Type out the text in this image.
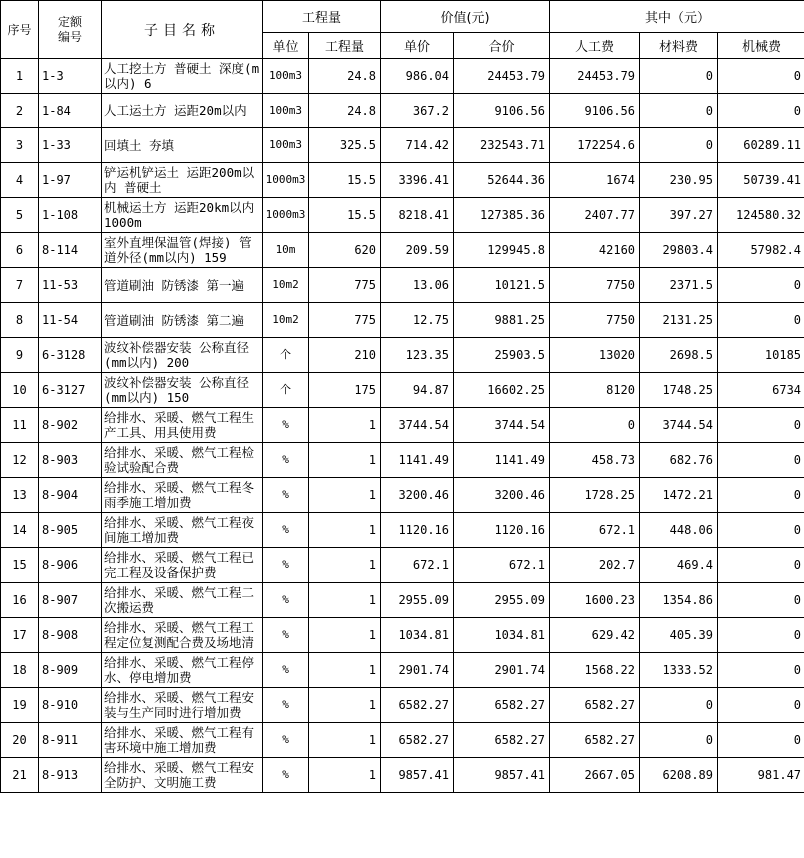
序号	定额
编号	子目名称	工程量		价值(元)		其中（元）		
			单位	工程量	单价	合价	人工费	材料费	机械费
1	1-3	人工挖土方 普硬土 深度(m以内) 6	100m3	24.8	986.04	24453.79	24453.79	0	0
2	1-84	人工运土方 运距20m以内	100m3	24.8	367.2	9106.56	9106.56	0	0
3	1-33	回填土 夯填	100m3	325.5	714.42	232543.71	172254.6	0	60289.11
4	1-97	铲运机铲运土 运距200m以内 普硬土	1000m3	15.5	3396.41	52644.36	1674	230.95	50739.41
5	1-108	机械运土方 运距20km以内 1000m	1000m3	15.5	8218.41	127385.36	2407.77	397.27	124580.32
6	8-114	室外直埋保温管(焊接) 管道外径(mm以内) 159	10m	620	209.59	129945.8	42160	29803.4	57982.4
7	11-53	管道刷油 防锈漆 第一遍	10m2	775	13.06	10121.5	7750	2371.5	0
8	11-54	管道刷油 防锈漆 第二遍	10m2	775	12.75	9881.25	7750	2131.25	0
9	6-3128	波纹补偿器安装 公称直径(mm以内) 200	个	210	123.35	25903.5	13020	2698.5	10185
10	6-3127	波纹补偿器安装 公称直径(mm以内) 150	个	175	94.87	16602.25	8120	1748.25	6734
11	8-902	给排水、采暖、燃气工程生产工具、用具使用费	%	1	3744.54	3744.54	0	3744.54	0
12	8-903	给排水、采暖、燃气工程检验试验配合费	%	1	1141.49	1141.49	458.73	682.76	0
13	8-904	给排水、采暖、燃气工程冬雨季施工增加费	%	1	3200.46	3200.46	1728.25	1472.21	0
14	8-905	给排水、采暖、燃气工程夜间施工增加费	%	1	1120.16	1120.16	672.1	448.06	0
15	8-906	给排水、采暖、燃气工程已完工程及设备保护费	%	1	672.1	672.1	202.7	469.4	0
16	8-907	给排水、采暖、燃气工程二次搬运费	%	1	2955.09	2955.09	1600.23	1354.86	0
17	8-908	给排水、采暖、燃气工程工程定位复测配合费及场地清	%	1	1034.81	1034.81	629.42	405.39	0
18	8-909	给排水、采暖、燃气工程停水、停电增加费	%	1	2901.74	2901.74	1568.22	1333.52	0
19	8-910	给排水、采暖、燃气工程安装与生产同时进行增加费	%	1	6582.27	6582.27	6582.27	0	0
20	8-911	给排水、采暖、燃气工程有害环境中施工增加费	%	1	6582.27	6582.27	6582.27	0	0
21	8-913	给排水、采暖、燃气工程安全防护、文明施工费	%	1	9857.41	9857.41	2667.05	6208.89	981.47
